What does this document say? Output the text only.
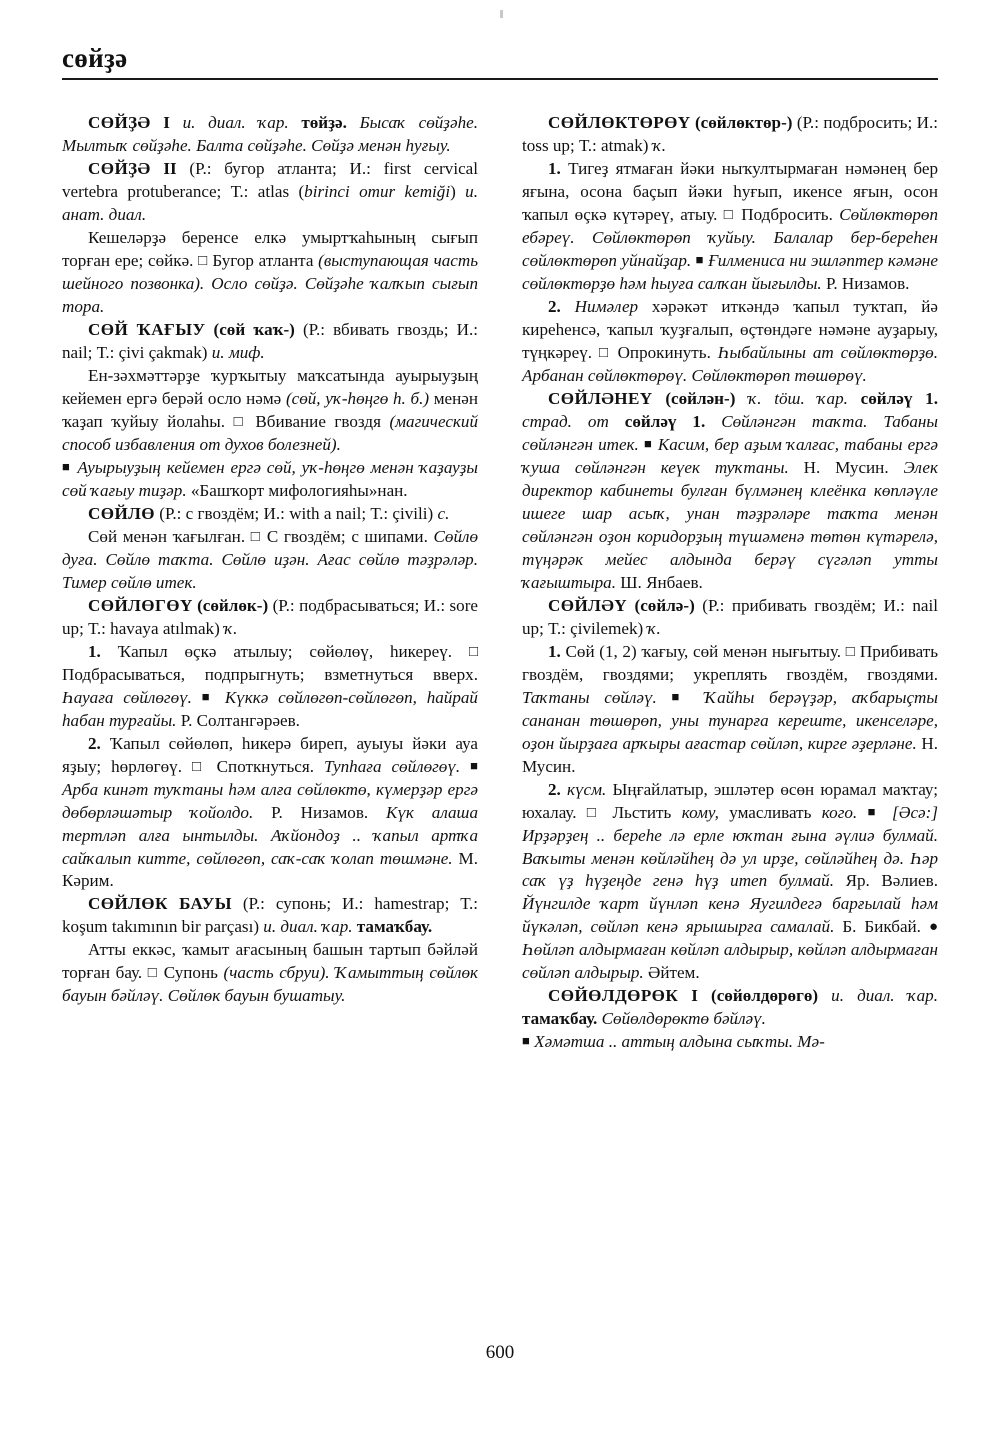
сөйҙә

СӨЙҘӘ I и. диал. ҡар. төйҙә. Бысаҡ сөйҙәhе. Мылтыҡ сөйҙәhе. Балта сөйҙәhе. Сөйҙә менән hуғыу.

СӨЙҘӘ II (Р.: бугор атланта; И.: first cervical vertebra protuberance; Т.: atlas (birinci omur kemiği) и. анат. диал.

Кешеләрҙә беренсе елкә умыртҡаhының сығып торған ере; сөйкә. □ Бугор атланта (выступающая часть шейного позвонка). Осло сөйҙә. Сөйҙәhе ҡалҡып сығып тора.

СӨЙ ҠАҒЫУ (сөй ҡаҡ-) (Р.: вбивать гвоздь; И.: nail; Т.: çivi çakmak) и. миф.

Ен-зәхмәттәрҙе ҡурҡытыу маҡсатында ауырыуҙың кейемен ергә берәй осло нәмә (сөй, уҡ-hөңгө h. б.) менән ҡаҙап ҡуйыу йолаhы. □ Вбивание гвоздя (магический способ избавления от духов болезней).

■ Ауырыуҙың кейемен ергә сөй, уҡ-hөңгө менән ҡаҙауҙы сөй ҡағыу тиҙәр. «Башҡорт мифологияhы»нан.

СӨЙЛӨ (Р.: с гвоздём; И.: with a nail; Т.: çivili) с.

Сөй менән ҡағылған. □ С гвоздём; с шипами. Сөйлө дуға. Сөйлө таҡта. Сөйлө иҙән. Ағас сөйлө тәҙрәләр. Тимер сөйлө итек.

СӨЙЛӨГӨҮ (сөйлөк-) (Р.: подбрасываться; И.: sore up; Т.: havaya atılmak) ҡ.

1. Ҡапыл өçкә атылыу; сөйөлөү, hикереү. □ Подбрасываться, подпрыгнуть; взметнуться вверх. Һауаға сөйлөгөү. ■ Күккә сөйлөгөп-сөйлөгөп, hайрай hабан турғайы. Р. Солтангәрәев.

2. Ҡапыл сөйөлөп, hикерә биреп, ауыуы йәки ауа яҙыу; hөрлөгөү. □ Споткнуться. Тупhаға сөйлөгөү. ■ Арба кинәт туҡтаны hәм алға сөйлөктө, күмерҙәр ергә дөбөрләшәтыр ҡойолдо. Р. Низамов. Күк алаша тертләп алға ынтылды. Аҡйондоҙ .. ҡапыл артҡа сайҡалып китте, сөйлөгөп, саҡ-саҡ ҡолап төшмәне. М. Кәрим.

СӨЙЛӨК БАУЫ (Р.: супонь; И.: hamestrap; Т.: koşum takımının bir parçası) и. диал. ҡар. тамаҡбау.

Атты еккәс, ҡамыт ағасының башын тартып бәйләй торған бау. □ Супонь (часть сбруи). Ҡамыттың сөйлөк бауын бәйләү. Сөйлөк бауын бушатыу.

СӨЙЛӨКТӨРӨҮ (сөйлөктөр-) (Р.: подбросить; И.: toss up; Т.: atmak) ҡ.

1. Тигеҙ ятмаған йәки ныҡултырмаған нәмәнең бер яғына, осона баçып йәки hуғып, икенсе яғын, осон ҡапыл өçкә күтәреү, атыу. □ Подбросить. Сөйлөктөрөп ебәреү. Сөйлөктөрөп ҡуйыу. Балалар бер-береhен сөйлөктөрөп уйнайҙар. ■ Ғилмениса ни эшләптер кәмәне сөйлөктөрҙө hәм hыуға салҡан йығылды. Р. Низамов.

2. Нимәлер хәрәкәт иткәндә ҡапыл туҡтап, йә киреhенсә, ҡапыл ҡуҙғалып, өçтөндәге нәмәне ауҙарыу, түңкәреү. □ Опрокинуть. Һыбайлыны ат сөйлөктөрҙө. Арбанан сөйлөктөрөү. Сөйлөктөрөп төшөрөү.

СӨЙЛӘНЕҮ (сөйлән-) ҡ. töш. ҡар. сөйләү 1. страд. от сөйләү 1. Сөйләнгән таҡта. Табаны сөйләнгән итек. ■ Касим, бер аҙым ҡалғас, табаны ергә ҡуша сөйләнгән кеүек туҡтаны. Н. Мусин. Элек директор кабинеты булған бүлмәнең клеёнка көпләүле ишеге шар асыҡ, унан тәҙрәләре таҡта менән сөйләнгән оҙон коридорҙың түшәменә төтөн күтәрелә, түңәрәк мейес алдында берәү сүгәләп утты ҡағыштыра. Ш. Янбаев.

СӨЙЛӘҮ (сөйлә-) (Р.: прибивать гвоздём; И.: nail up; Т.: çivilemek) ҡ.

1. Сөй (1, 2) ҡағыу, сөй менән нығытыу. □ Прибивать гвоздём, гвоздями; укреплять гвоздём, гвоздями. Таҡтаны сөйләү. ■ Ҡайhы берәүҙәр, аҡбарыçты сананан төшөрөп, уны тунарға кереште, икенселәре, оҙон йырҙаға арҡыры ағастар сөйләп, кирге әҙерләне. Н. Мусин.

2. күсм. Ыңғайлатыр, эшләтер өсөн юрамал маҡтау; юхалау. □ Льстить кому, умасливать кого. ■ [Әсә:] Ирҙәрҙең .. береhе лә ерле юҡтан ғына әүлиә булмай. Ваҡыты менән көйләйhең дә ул ирҙе, сөйләйhең дә. Һәр саҡ үҙ hүҙеңде генә hүҙ итеп булмай. Яр. Вәлиев. Йүнгилде ҡарт йүнләп кенә Яугилдегә барғылай hәм йүкәләп, сөйләп кенә ярышырға самалай. Б. Бикбай. ● Һөйләп алдырмаған көйләп алдырыр, көйләп алдырмаған сөйләп алдырыр. Әйтем.

СӨЙӨЛДӨРӨК I (сөйөлдөрөгө) и. диал. ҡар. тамаҡбау. Сөйөлдөрөктө бәйләү.

■ Хәмәтша .. аттың алдына сыҡты. Мә-

600
